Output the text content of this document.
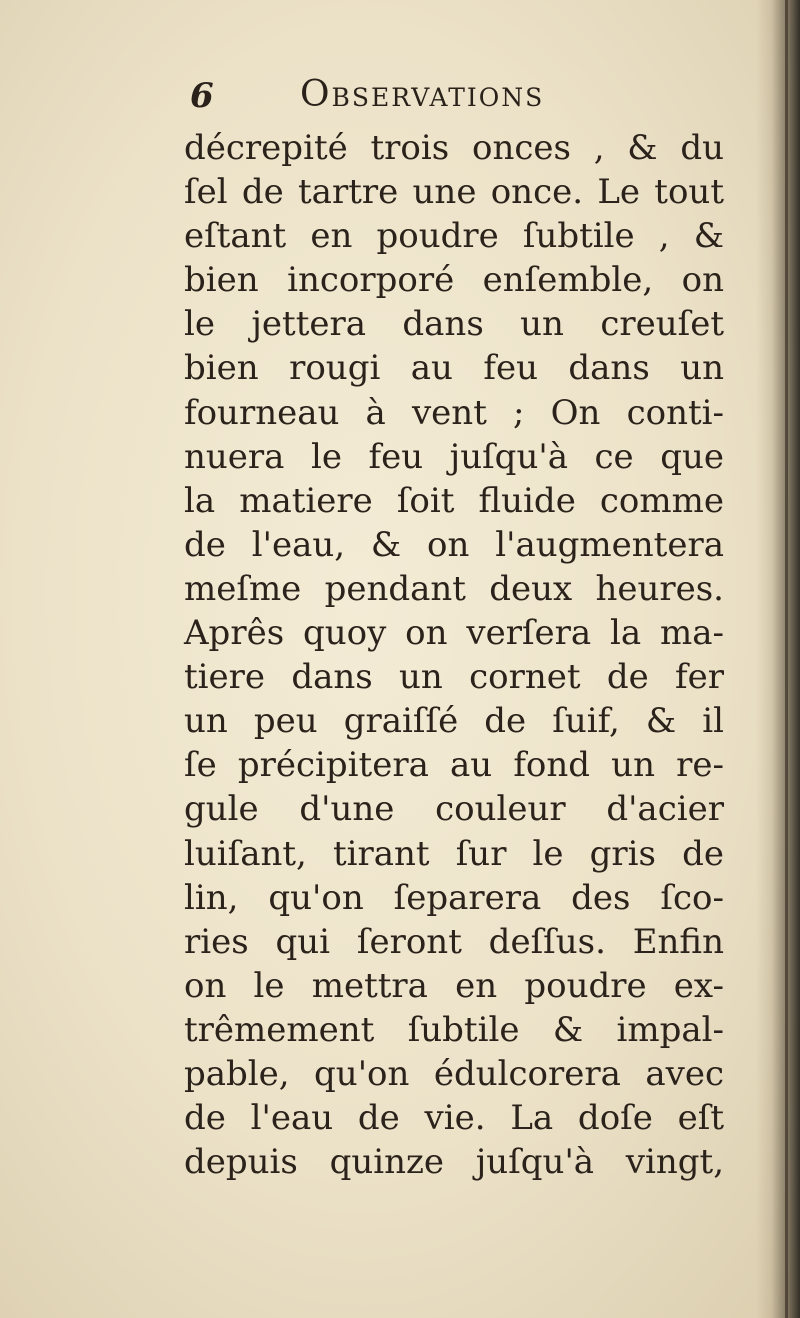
6 Observations
décrepité trois onces , & du
ſel de tartre une once. Le tout
eſtant en poudre ſubtile , &
bien incorporé enſemble, on
le jettera dans un creuſet
bien rougi au feu dans un
fourneau à vent ; On conti-
nuera le feu juſqu'à ce que
la matiere ſoit fluide comme
de l'eau, & on l'augmentera
meſme pendant deux heures.
Aprês quoy on verſera la ma-
tiere dans un cornet de fer
un peu graiſſé de ſuif, & il
ſe précipitera au fond un re-
gule d'une couleur d'acier
luiſant, tirant ſur le gris de
lin, qu'on ſeparera des ſco-
ries qui ſeront deſſus. Enfin
on le mettra en poudre ex-
trêmement ſubtile & impal-
pable, qu'on édulcorera avec
de l'eau de vie. La doſe eſt
depuis quinze juſqu'à vingt,
